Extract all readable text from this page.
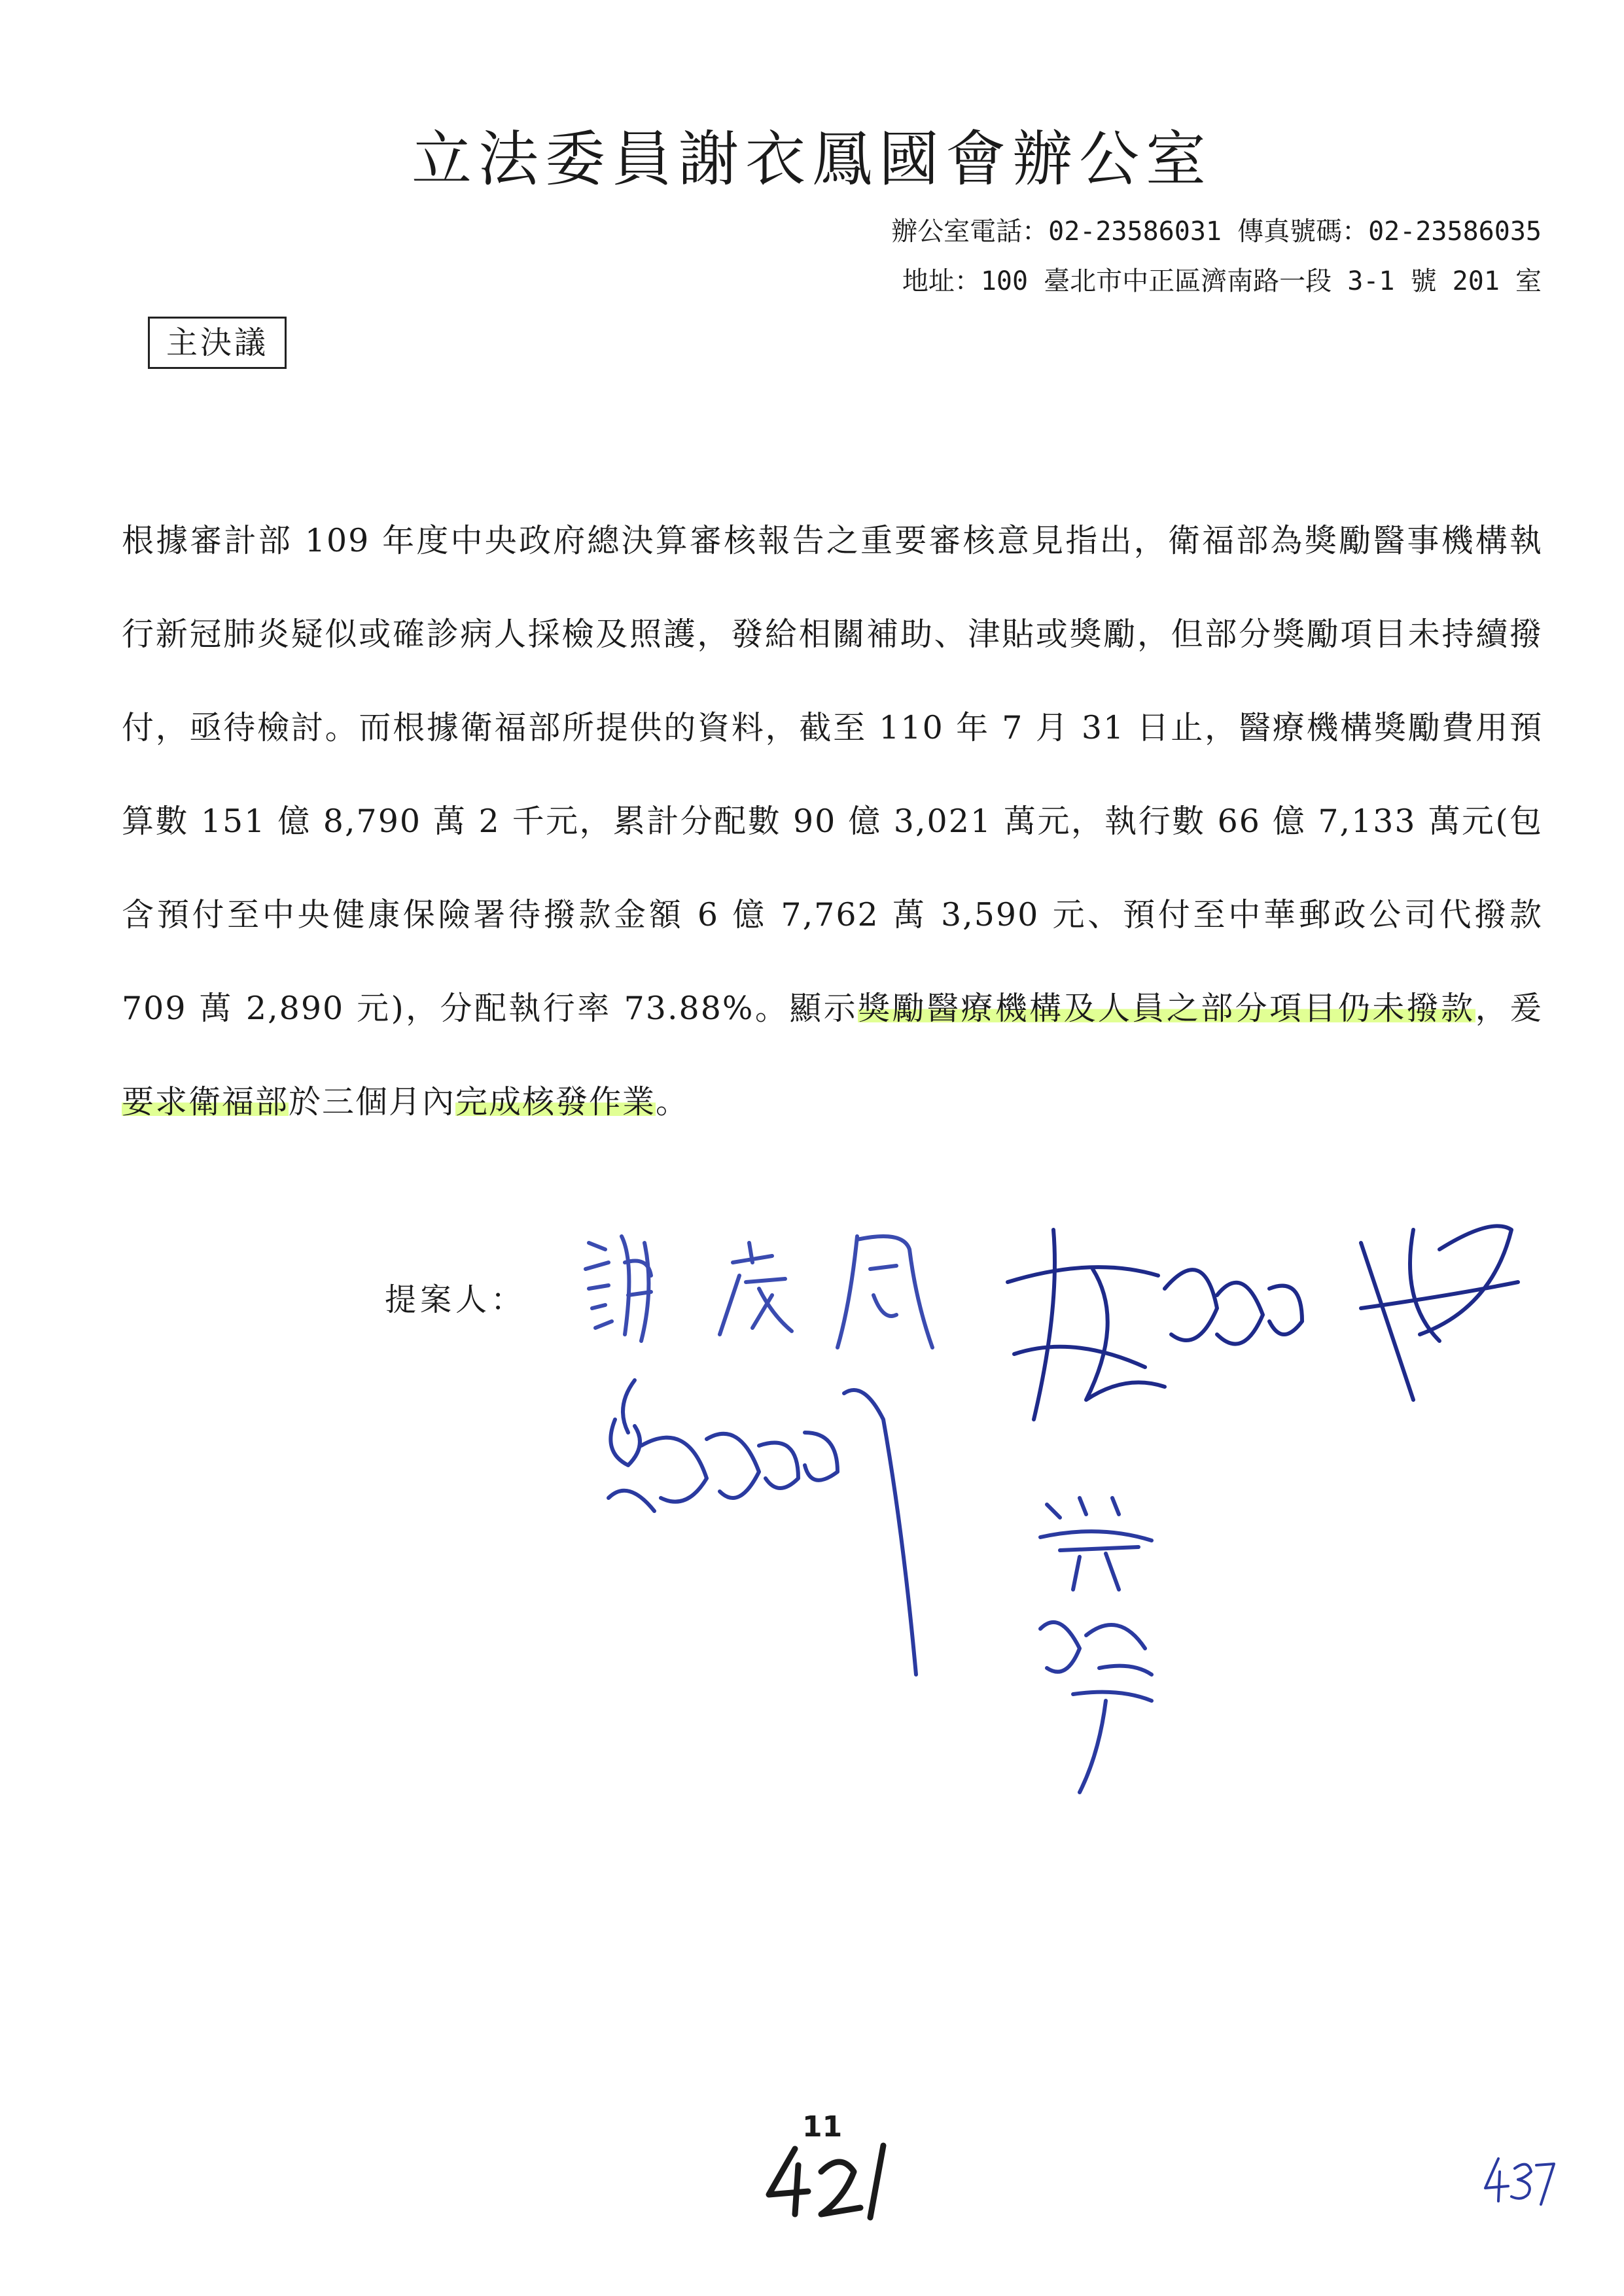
立法委員謝衣鳳國會辦公室
辦公室電話：02-23586031 傳真號碼：02-23586035
地址：100 臺北市中正區濟南路一段 3-1 號 201 室
主決議

根據審計部 109 年度中央政府總決算審核報告之重要審核意見指出，衛福部為獎勵醫事機構執行新冠肺炎疑似或確診病人採檢及照護，發給相關補助、津貼或獎勵，但部分獎勵項目未持續撥付，亟待檢討。而根據衛福部所提供的資料，截至 110 年 7 月 31 日止，醫療機構獎勵費用預算數 151 億 8,790 萬 2 千元，累計分配數 90 億 3,021 萬元，執行數 66 億 7,133 萬元(包含預付至中央健康保險署待撥款金額 6 億 7,762 萬 3,590 元、預付至中華郵政公司代撥款 709 萬 2,890 元)，分配執行率 73.88%。顯示獎勵醫療機構及人員之部分項目仍未撥款，爰要求衛福部於三個月內完成核發作業。

提案人：
11
